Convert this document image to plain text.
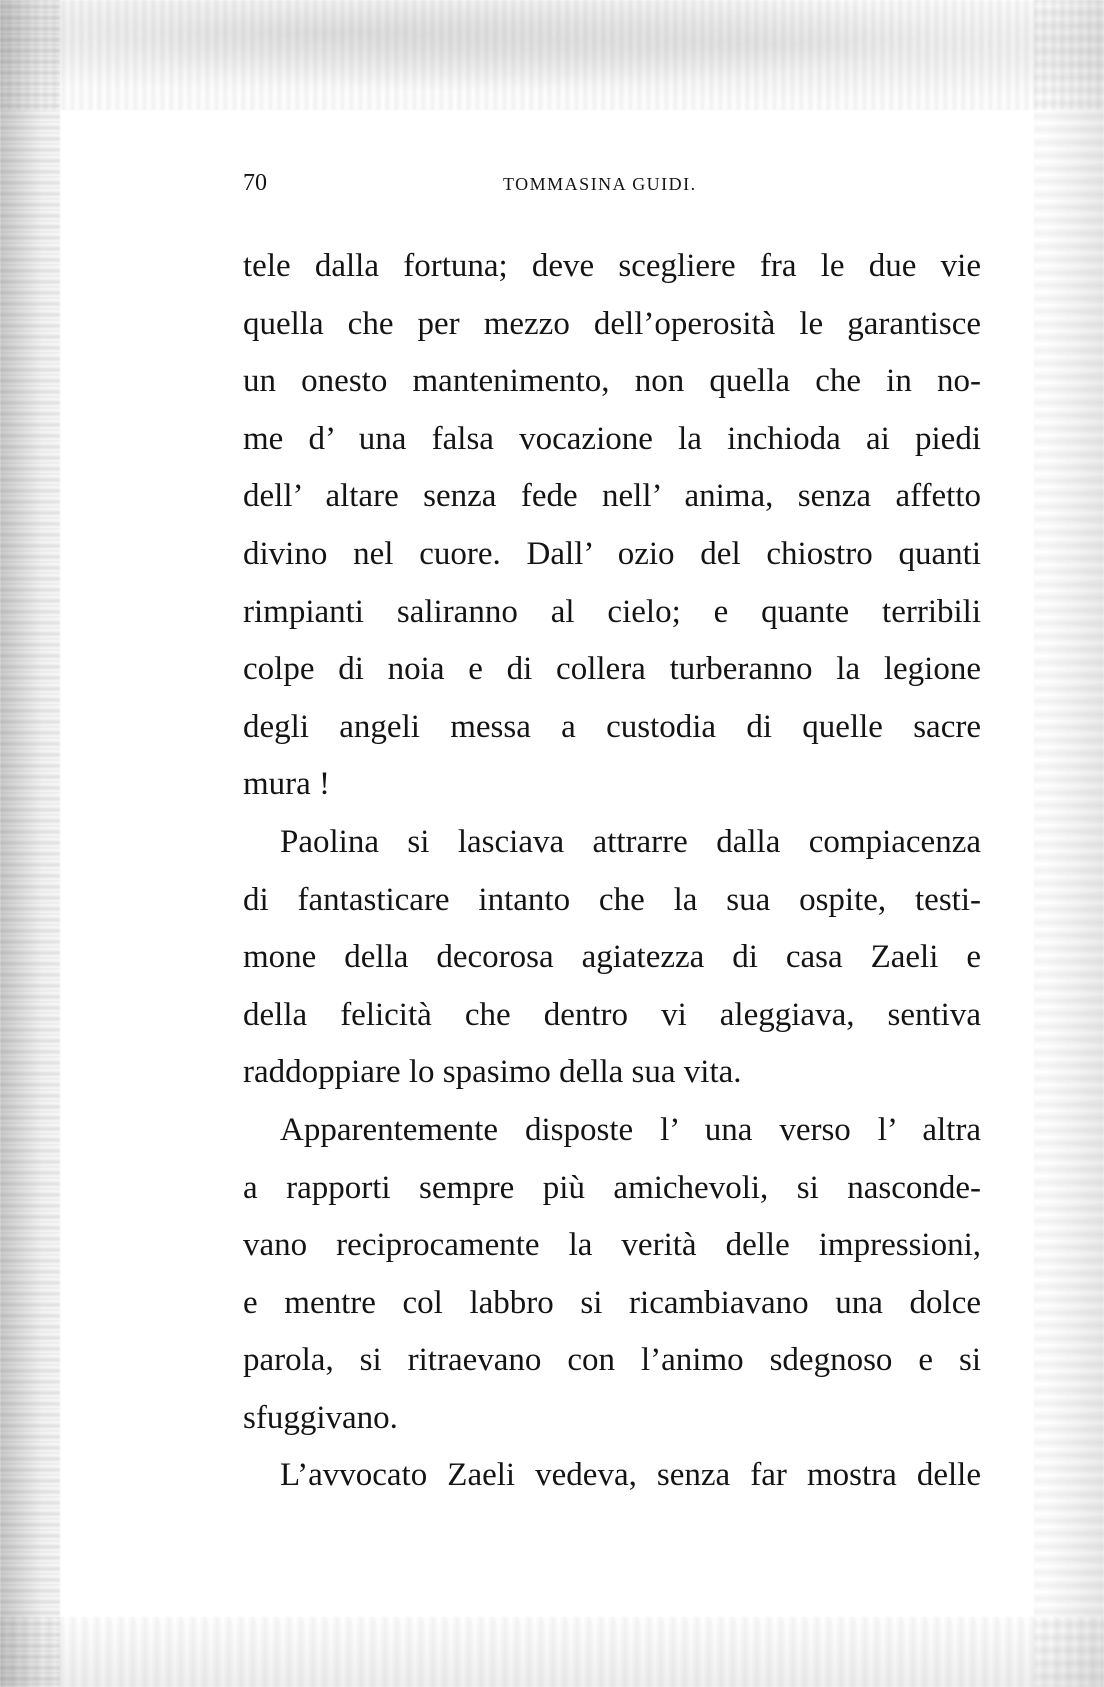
70	TOMMASINA GUIDI.
tele dalla fortuna; deve scegliere fra le due vie
quella che per mezzo dell’operosità le garantisce
un onesto mantenimento, non quella che in no-
me d’ una falsa vocazione la inchioda ai piedi
dell’ altare senza fede nell’ anima, senza affetto
divino nel cuore. Dall’ ozio del chiostro quanti
rimpianti saliranno al cielo; e quante terribili
colpe di noia e di collera turberanno la legione
degli angeli messa a custodia di quelle sacre
mura !
Paolina si lasciava attrarre dalla compiacenza
di fantasticare intanto che la sua ospite, testi-
mone della decorosa agiatezza di casa Zaeli e
della felicità che dentro vi aleggiava, sentiva
raddoppiare lo spasimo della sua vita.
Apparentemente disposte l’ una verso l’ altra
a rapporti sempre più amichevoli, si nasconde-
vano reciprocamente la verità delle impressioni,
e mentre col labbro si ricambiavano una dolce
parola, si ritraevano con l’animo sdegnoso e si
sfuggivano.
L’avvocato Zaeli vedeva, senza far mostra delle
